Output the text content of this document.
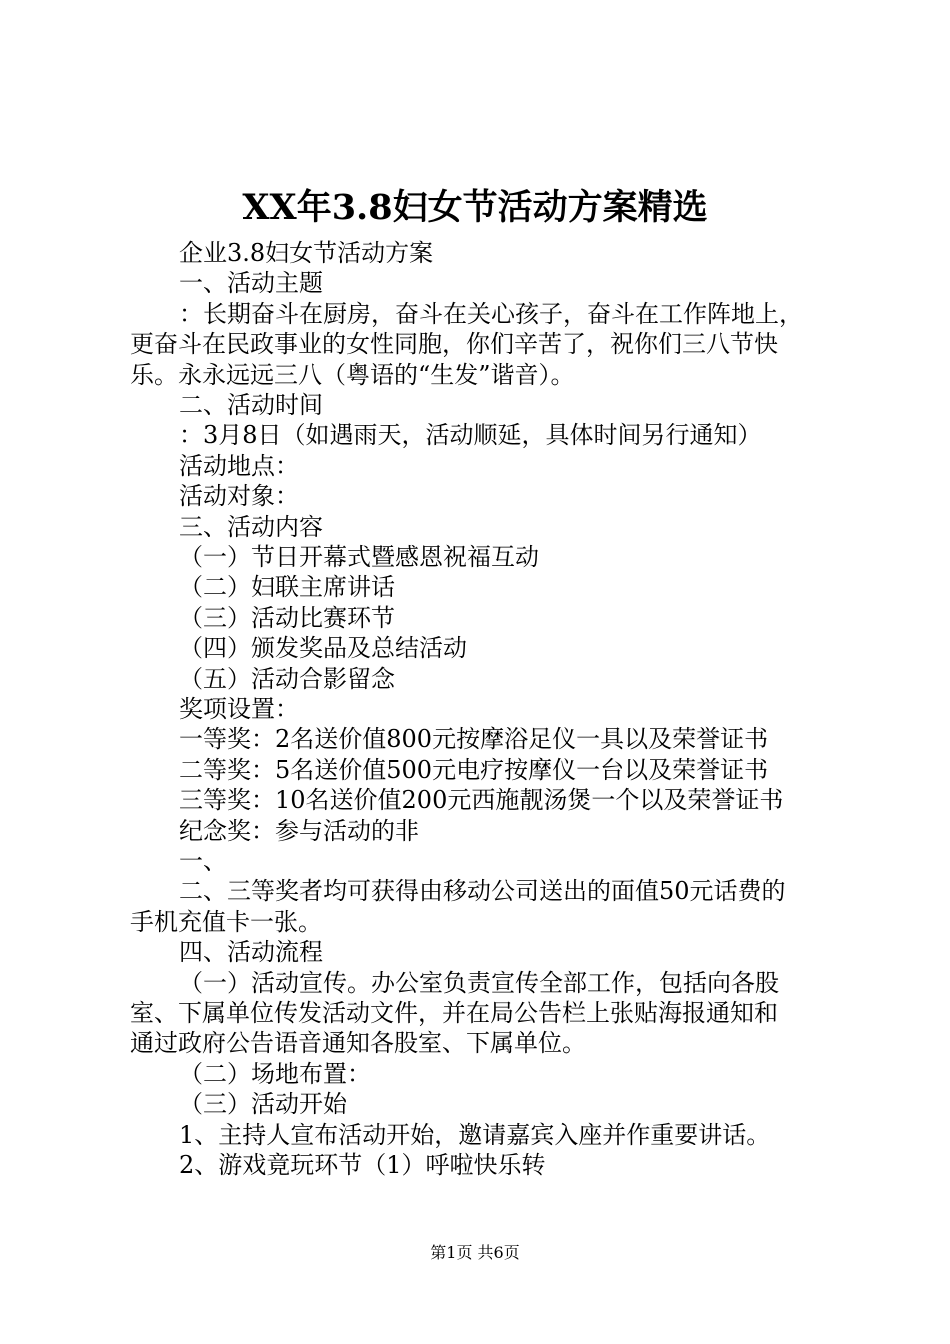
XX年3.8妇女节活动方案精选
企业3.8妇女节活动方案
一、活动主题
：长期奋斗在厨房，奋斗在关心孩子，奋斗在工作阵地上，
更奋斗在民政事业的女性同胞，你们辛苦了，祝你们三八节快
乐。永永远远三八（粤语的“生发”谐音）。
二、活动时间
：3月8日（如遇雨天，活动顺延，具体时间另行通知）
活动地点：
活动对象：
三、活动内容
（一）节日开幕式暨感恩祝福互动
（二）妇联主席讲话
（三）活动比赛环节
（四）颁发奖品及总结活动
（五）活动合影留念
奖项设置：
一等奖：2名送价值800元按摩浴足仪一具以及荣誉证书
二等奖：5名送价值500元电疗按摩仪一台以及荣誉证书
三等奖：10名送价值200元西施靓汤煲一个以及荣誉证书
纪念奖：参与活动的非
一、
二、三等奖者均可获得由移动公司送出的面值50元话费的
手机充值卡一张。
四、活动流程
（一）活动宣传。办公室负责宣传全部工作，包括向各股
室、下属单位传发活动文件，并在局公告栏上张贴海报通知和
通过政府公告语音通知各股室、下属单位。
（二）场地布置：
（三）活动开始
1、主持人宣布活动开始，邀请嘉宾入座并作重要讲话。
2、游戏竟玩环节（1）呼啦快乐转
第1页 共6页
